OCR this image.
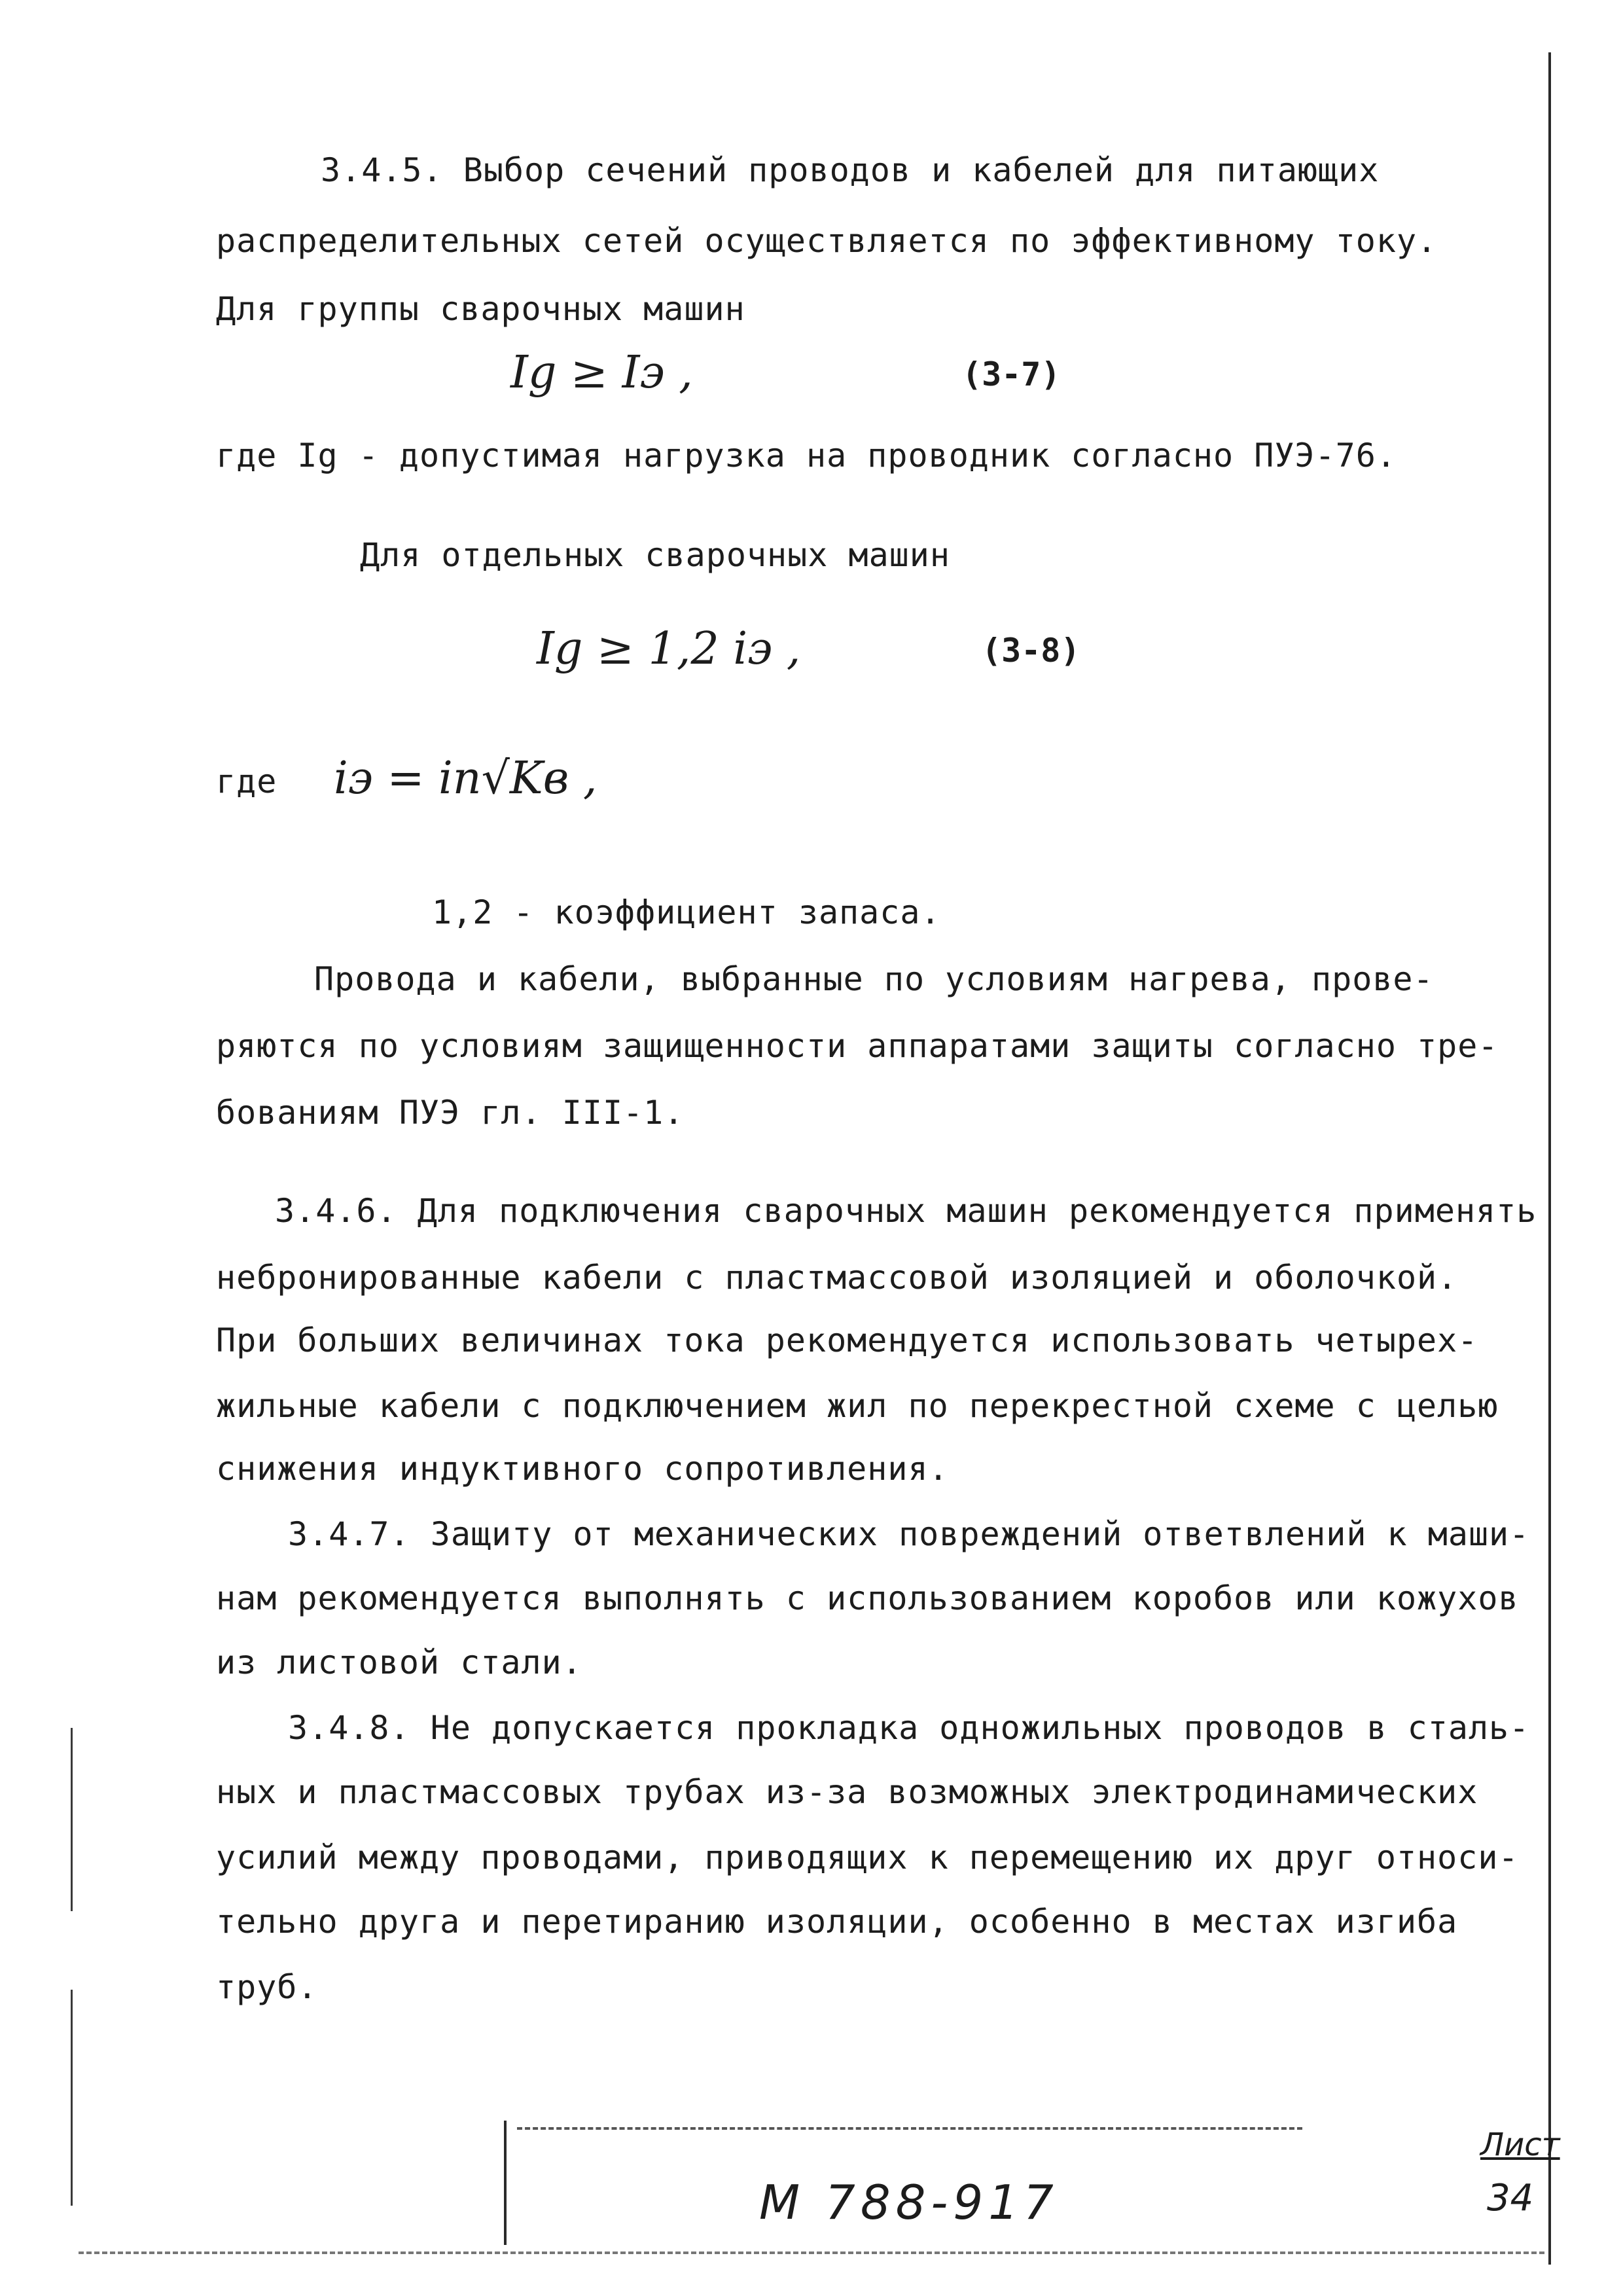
3.4.5. Выбор сечений проводов и кабелей для питающих
распределительных сетей осуществляется по эффективному току.
Для группы сварочных машин
Ig ≥ Iэ ,	(3-7)
где Ig - допустимая нагрузка на проводник согласно ПУЭ-76.
Для отдельных сварочных машин
Ig ≥ 1,2 iэ ,	(3-8)
где iэ = iп√Kв ,
1,2 - коэффициент запаса.
Провода и кабели, выбранные по условиям нагрева, прове-
ряются по условиям защищенности аппаратами защиты согласно тре-
бованиям ПУЭ гл. III-1.
3.4.6. Для подключения сварочных машин рекомендуется применять
небронированные кабели с пластмассовой изоляцией и оболочкой.
При больших величинах тока рекомендуется использовать четырех-
жильные кабели с подключением жил по перекрестной схеме с целью
снижения индуктивного сопротивления.
3.4.7. Защиту от механических повреждений ответвлений к маши-
нам рекомендуется выполнять с использованием коробов или кожухов
из листовой стали.
3.4.8. Не допускается прокладка одножильных проводов в сталь-
ных и пластмассовых трубах из-за возможных электродинамических
усилий между проводами, приводящих к перемещению их друг относи-
тельно друга и перетиранию изоляции, особенно в местах изгиба
труб.
М 788-917
Лист
34
